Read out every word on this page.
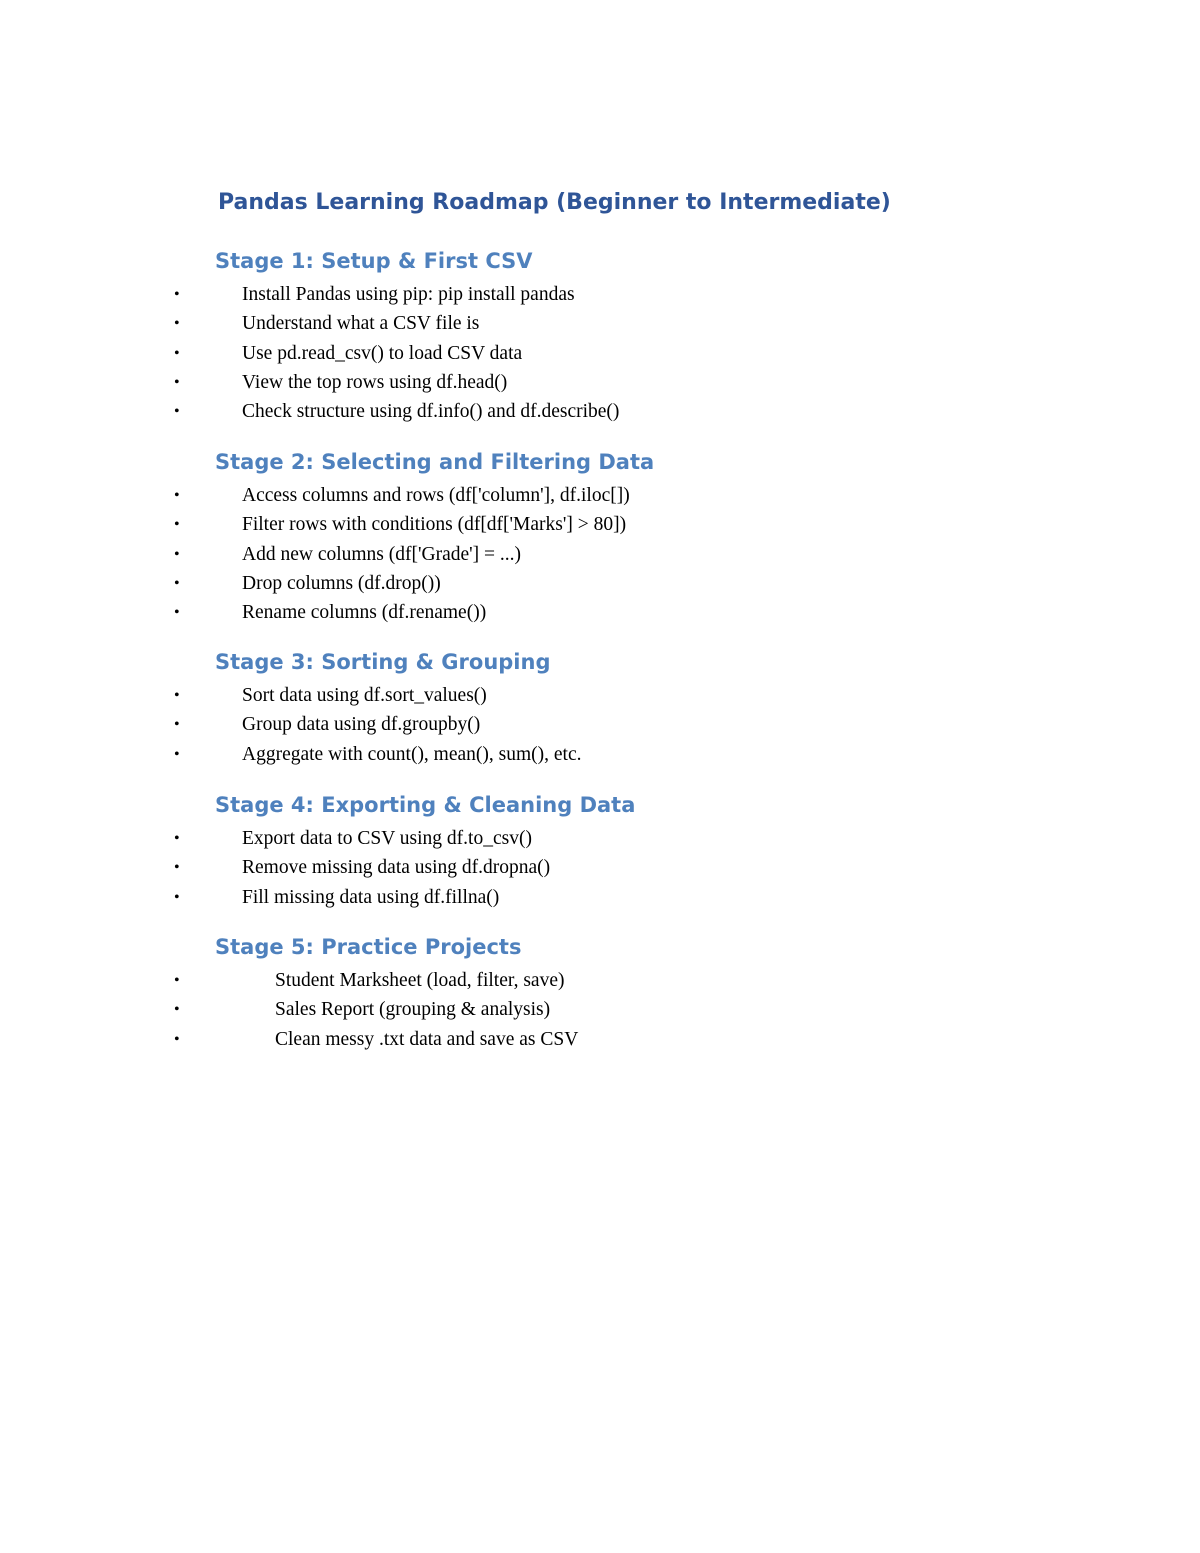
Pandas Learning Roadmap (Beginner to Intermediate)
Stage 1: Setup & First CSV
•	Install Pandas using pip: pip install pandas
•	Understand what a CSV file is
•	Use pd.read_csv() to load CSV data
•	View the top rows using df.head()
•	Check structure using df.info() and df.describe()
Stage 2: Selecting and Filtering Data
•	Access columns and rows (df['column'], df.iloc[])
•	Filter rows with conditions (df[df['Marks'] > 80])
•	Add new columns (df['Grade'] = ...)
•	Drop columns (df.drop())
•	Rename columns (df.rename())
Stage 3: Sorting & Grouping
•	Sort data using df.sort_values()
•	Group data using df.groupby()
•	Aggregate with count(), mean(), sum(), etc.
Stage 4: Exporting & Cleaning Data
•	Export data to CSV using df.to_csv()
•	Remove missing data using df.dropna()
•	Fill missing data using df.fillna()
Stage 5: Practice Projects
•	Student Marksheet (load, filter, save)
•	Sales Report (grouping & analysis)
•	Clean messy .txt data and save as CSV
